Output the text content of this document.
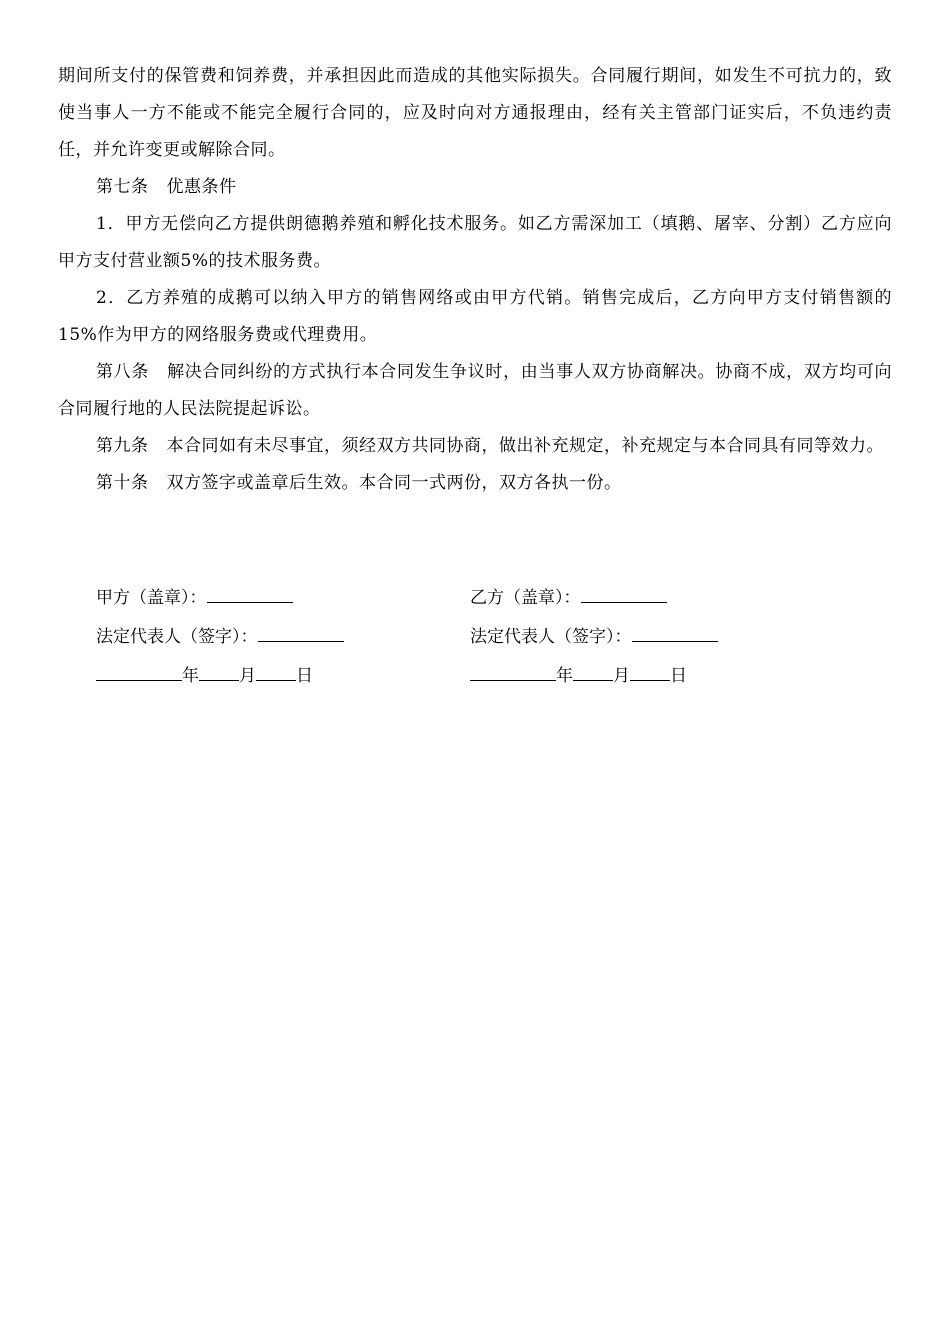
期间所支付的保管费和饲养费，并承担因此而造成的其他实际损失。合同履行期间，如发生不可抗力的，致使当事人一方不能或不能完全履行合同的，应及时向对方通报理由，经有关主管部门证实后，不负违约责任，并允许变更或解除合同。

第七条 优惠条件

1．甲方无偿向乙方提供朗德鹅养殖和孵化技术服务。如乙方需深加工（填鹅、屠宰、分割）乙方应向甲方支付营业额5%的技术服务费。

2．乙方养殖的成鹅可以纳入甲方的销售网络或由甲方代销。销售完成后，乙方向甲方支付销售额的15%作为甲方的网络服务费或代理费用。

第八条 解决合同纠纷的方式执行本合同发生争议时，由当事人双方协商解决。协商不成，双方均可向合同履行地的人民法院提起诉讼。

第九条 本合同如有未尽事宜，须经双方共同协商，做出补充规定，补充规定与本合同具有同等效力。

第十条 双方签字或盖章后生效。本合同一式两份，双方各执一份。

甲方（盖章）：
法定代表人（签字）：
年 月 日
乙方（盖章）：
法定代表人（签字）：
年 月 日
